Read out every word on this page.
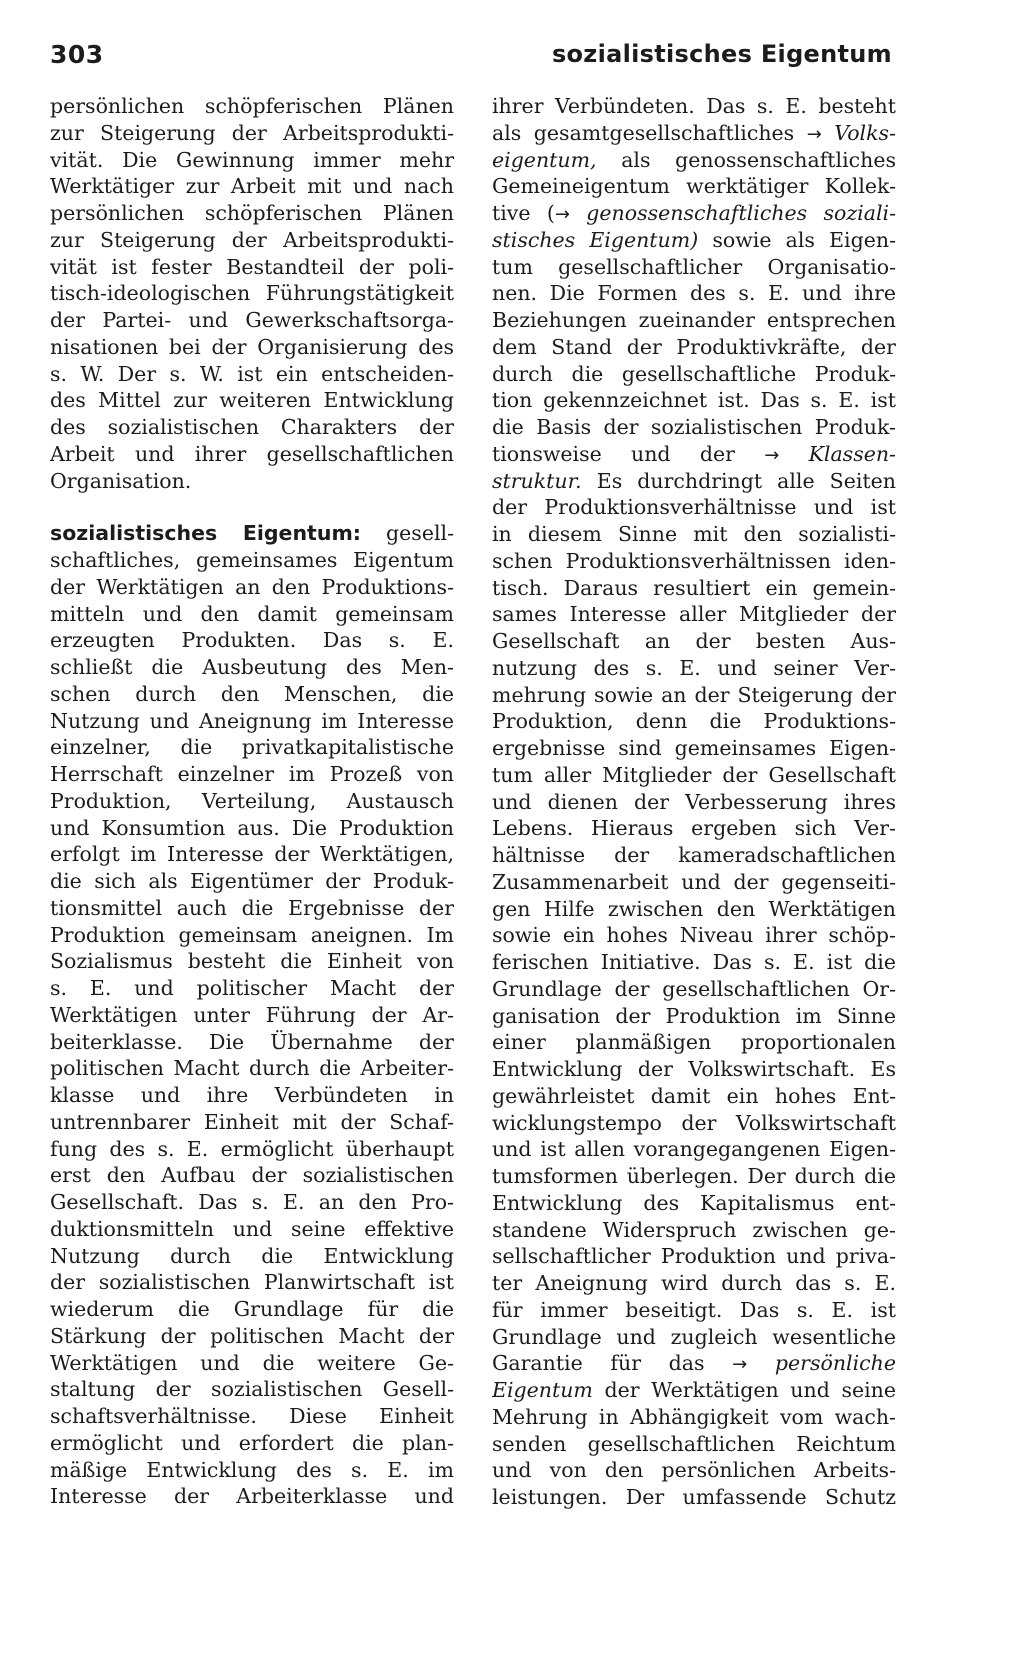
303	sozialistisches Eigentum
persönlichen schöpferischen Plänen
zur Steigerung der Arbeitsprodukti-
vität. Die Gewinnung immer mehr
Werktätiger zur Arbeit mit und nach
persönlichen schöpferischen Plänen
zur Steigerung der Arbeitsprodukti-
vität ist fester Bestandteil der poli-
tisch-ideologischen Führungstätigkeit
der Partei- und Gewerkschaftsorga-
nisationen bei der Organisierung des
s. W. Der s. W. ist ein entscheiden-
des Mittel zur weiteren Entwicklung
des sozialistischen Charakters der
Arbeit und ihrer gesellschaftlichen
Organisation.
sozialistisches Eigentum: gesell-
schaftliches, gemeinsames Eigentum
der Werktätigen an den Produktions-
mitteln und den damit gemeinsam
erzeugten Produkten. Das s. E.
schließt die Ausbeutung des Men-
schen durch den Menschen, die
Nutzung und Aneignung im Interesse
einzelner, die privatkapitalistische
Herrschaft einzelner im Prozeß von
Produktion, Verteilung, Austausch
und Konsumtion aus. Die Produktion
erfolgt im Interesse der Werktätigen,
die sich als Eigentümer der Produk-
tionsmittel auch die Ergebnisse der
Produktion gemeinsam aneignen. Im
Sozialismus besteht die Einheit von
s. E. und politischer Macht der
Werktätigen unter Führung der Ar-
beiterklasse. Die Übernahme der
politischen Macht durch die Arbeiter-
klasse und ihre Verbündeten in
untrennbarer Einheit mit der Schaf-
fung des s. E. ermöglicht überhaupt
erst den Aufbau der sozialistischen
Gesellschaft. Das s. E. an den Pro-
duktionsmitteln und seine effektive
Nutzung durch die Entwicklung
der sozialistischen Planwirtschaft ist
wiederum die Grundlage für die
Stärkung der politischen Macht der
Werktätigen und die weitere Ge-
staltung der sozialistischen Gesell-
schaftsverhältnisse. Diese Einheit
ermöglicht und erfordert die plan-
mäßige Entwicklung des s. E. im
Interesse der Arbeiterklasse und
ihrer Verbündeten. Das s. E. besteht
als gesamtgesellschaftliches → Volks-
eigentum, als genossenschaftliches
Gemeineigentum werktätiger Kollek-
tive (→ genossenschaftliches soziali-
stisches Eigentum) sowie als Eigen-
tum gesellschaftlicher Organisatio-
nen. Die Formen des s. E. und ihre
Beziehungen zueinander entsprechen
dem Stand der Produktivkräfte, der
durch die gesellschaftliche Produk-
tion gekennzeichnet ist. Das s. E. ist
die Basis der sozialistischen Produk-
tionsweise und der → Klassen-
struktur. Es durchdringt alle Seiten
der Produktionsverhältnisse und ist
in diesem Sinne mit den sozialisti-
schen Produktionsverhältnissen iden-
tisch. Daraus resultiert ein gemein-
sames Interesse aller Mitglieder der
Gesellschaft an der besten Aus-
nutzung des s. E. und seiner Ver-
mehrung sowie an der Steigerung der
Produktion, denn die Produktions-
ergebnisse sind gemeinsames Eigen-
tum aller Mitglieder der Gesellschaft
und dienen der Verbesserung ihres
Lebens. Hieraus ergeben sich Ver-
hältnisse der kameradschaftlichen
Zusammenarbeit und der gegenseiti-
gen Hilfe zwischen den Werktätigen
sowie ein hohes Niveau ihrer schöp-
ferischen Initiative. Das s. E. ist die
Grundlage der gesellschaftlichen Or-
ganisation der Produktion im Sinne
einer planmäßigen proportionalen
Entwicklung der Volkswirtschaft. Es
gewährleistet damit ein hohes Ent-
wicklungstempo der Volkswirtschaft
und ist allen vorangegangenen Eigen-
tumsformen überlegen. Der durch die
Entwicklung des Kapitalismus ent-
standene Widerspruch zwischen ge-
sellschaftlicher Produktion und priva-
ter Aneignung wird durch das s. E.
für immer beseitigt. Das s. E. ist
Grundlage und zugleich wesentliche
Garantie für das → persönliche
Eigentum der Werktätigen und seine
Mehrung in Abhängigkeit vom wach-
senden gesellschaftlichen Reichtum
und von den persönlichen Arbeits-
leistungen. Der umfassende Schutz
